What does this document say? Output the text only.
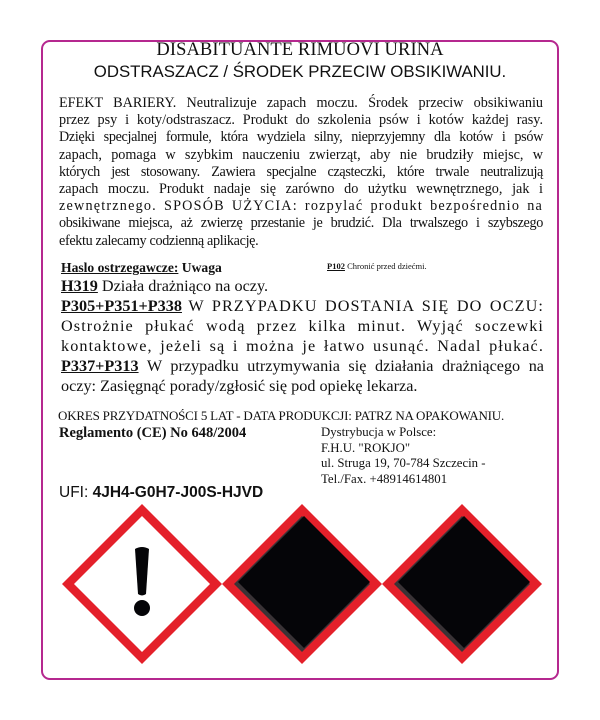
DISABITUANTE RIMUOVI URINA
ODSTRASZACZ / ŚRODEK PRZECIW OBSIKIWANIU.
EFEKT BARIERY. Neutralizuje zapach moczu. Środek przeciw obsikiwaniu
przez psy i koty/odstraszacz. Produkt do szkolenia psów i kotów każdej rasy.
Dzięki specjalnej formule, która wydziela silny, nieprzyjemny dla kotów i psów
zapach, pomaga w szybkim nauczeniu zwierząt, aby nie brudziły miejsc, w
których jest stosowany. Zawiera specjalne cząsteczki, które trwale neutralizują
zapach moczu. Produkt nadaje się zarówno do użytku wewnętrznego, jak i
zewnętrznego. SPOSÓB UŻYCIA: rozpylać produkt bezpośrednio na
obsikiwane miejsca, aż zwierzę przestanie je brudzić. Dla trwalszego i szybszego
efektu zalecamy codzienną aplikację.
Haslo ostrzegawcze: Uwaga	P102 Chronić przed dziećmi.
H319 Działa drażniąco na oczy.
P305+P351+P338 W PRZYPADKU DOSTANIA SIĘ DO OCZU:
Ostrożnie płukać wodą przez kilka minut. Wyjąć soczewki
kontaktowe, jeżeli są i można je łatwo usunąć. Nadal płukać.
P337+P313 W przypadku utrzymywania się działania drażniącego na
oczy: Zasięgnąć porady/zgłosić się pod opiekę lekarza.
OKRES PRZYDATNOŚCI 5 LAT - DATA PRODUKCJI: PATRZ NA OPAKOWANIU.
Reglamento (CE) No 648/2004	Dystrybucja w Polsce:
F.H.U. "ROKJO"
ul. Struga 19, 70-784 Szczecin -
Tel./Fax. +48914614801
UFI: 4JH4-G0H7-J00S-HJVD
